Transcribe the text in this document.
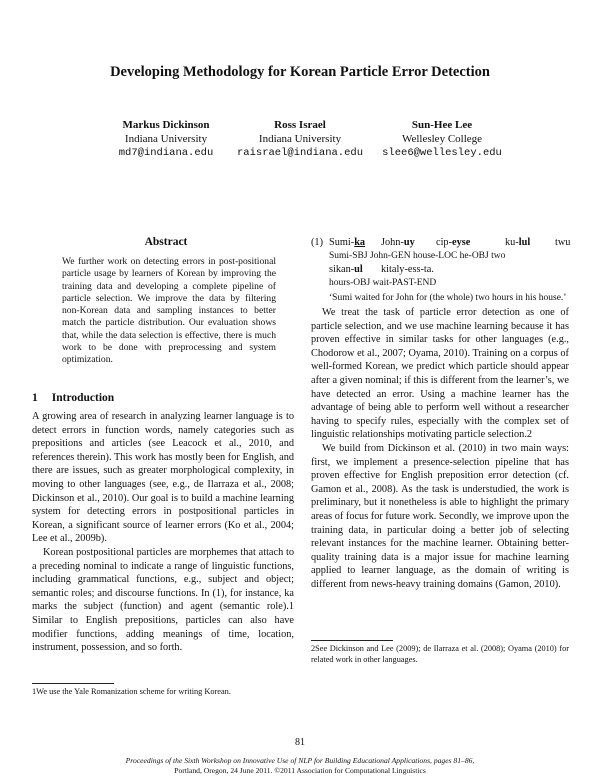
Developing Methodology for Korean Particle Error Detection
Markus Dickinson
Indiana University
md7@indiana.edu
Ross Israel
Indiana University
raisrael@indiana.edu
Sun-Hee Lee
Wellesley College
slee6@wellesley.edu
Abstract
We further work on detecting errors in post-positional particle usage by learners of Korean by improving the training data and developing a complete pipeline of particle selection. We improve the data by filtering non-Korean data and sampling instances to better match the particle distribution. Our evaluation shows that, while the data selection is effective, there is much work to be done with preprocessing and system optimization.
1 Introduction

A growing area of research in analyzing learner language is to detect errors in function words, namely categories such as prepositions and articles (see Leacock et al., 2010, and references therein). This work has mostly been for English, and there are issues, such as greater morphological complexity, in moving to other languages (see, e.g., de Ilarraza et al., 2008; Dickinson et al., 2010). Our goal is to build a machine learning system for detecting errors in postpositional particles in Korean, a significant source of learner errors (Ko et al., 2004; Lee et al., 2009b).

Korean postpositional particles are morphemes that attach to a preceding nominal to indicate a range of linguistic functions, including grammatical functions, e.g., subject and object; semantic roles; and discourse functions. In (1), for instance, ka marks the subject (function) and agent (semantic role).1 Similar to English prepositions, particles can also have modifier functions, adding meanings of time, location, instrument, possession, and so forth.

1We use the Yale Romanization scheme for writing Korean.
(1) Sumi-ka John-uy cip-eyse	ku-lul twu
Sumi-SBJ John-GEN house-LOC he-OBJ two
sikan-ul kitaly-ess-ta.
hours-OBJ wait-PAST-END
‘Sumi waited for John for (the whole) two hours in his house.’

We treat the task of particle error detection as one of particle selection, and we use machine learning because it has proven effective in similar tasks for other languages (e.g., Chodorow et al., 2007; Oyama, 2010). Training on a corpus of well-formed Korean, we predict which particle should appear after a given nominal; if this is different from the learner’s, we have detected an error. Using a machine learner has the advantage of being able to perform well without a researcher having to specify rules, especially with the complex set of linguistic relationships motivating particle selection.2

We build from Dickinson et al. (2010) in two main ways: first, we implement a presence-selection pipeline that has proven effective for English preposition error detection (cf. Gamon et al., 2008). As the task is understudied, the work is preliminary, but it nonetheless is able to highlight the primary areas of focus for future work. Secondly, we improve upon the training data, in particular doing a better job of selecting relevant instances for the machine learner. Obtaining better-quality training data is a major issue for machine learning applied to learner language, as the domain of writing is different from news-heavy training domains (Gamon, 2010).

2See Dickinson and Lee (2009); de Ilarraza et al. (2008); Oyama (2010) for related work in other languages.
81
Proceedings of the Sixth Workshop on Innovative Use of NLP for Building Educational Applications, pages 81–86,
Portland, Oregon, 24 June 2011. ©2011 Association for Computational Linguistics
